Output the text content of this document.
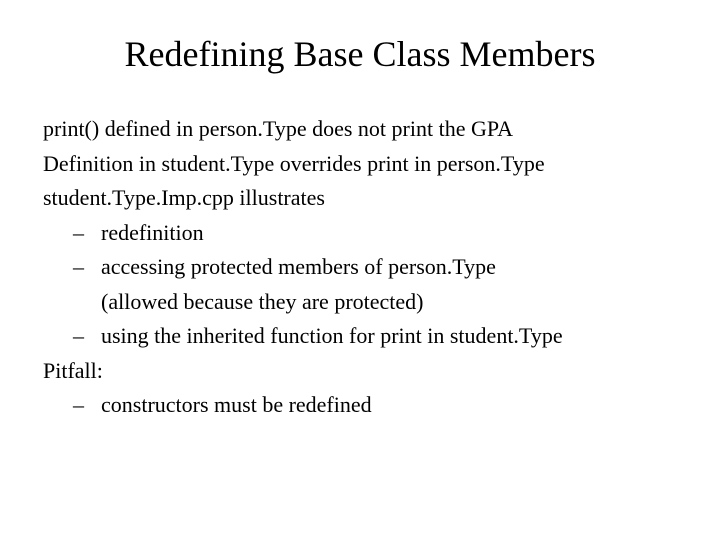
Redefining Base Class Members
print() defined in person.Type does not print the GPA
Definition in student.Type overrides print in person.Type
student.Type.Imp.cpp illustrates
– redefinition
– accessing protected members of person.Type
(allowed because they are protected)
– using the inherited function for print in student.Type
Pitfall:
– constructors must be redefined
